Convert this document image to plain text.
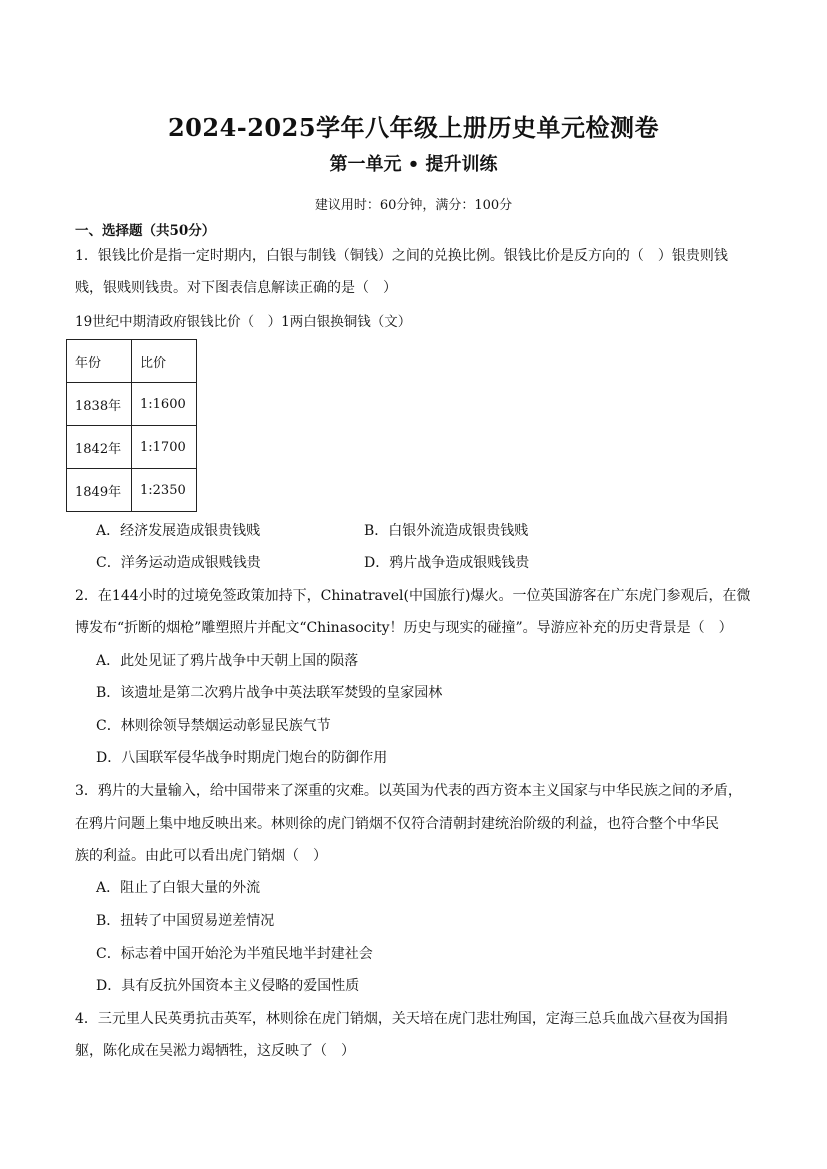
2024-2025学年八年级上册历史单元检测卷
第一单元 • 提升训练
建议用时：60分钟，满分：100分
一、选择题（共50分）
1．银钱比价是指一定时期内，白银与制钱（铜钱）之间的兑换比例。银钱比价是反方向的（　）银贵则钱
贱，银贱则钱贵。对下图表信息解读正确的是（　）
19世纪中期清政府银钱比价（　）1两白银换铜钱（文）
年份	比价
1838年	1:1600
1842年	1:1700
1849年	1:2350
A．经济发展造成银贵钱贱	B．白银外流造成银贵钱贱
C．洋务运动造成银贱钱贵	D．鸦片战争造成银贱钱贵
2．在144小时的过境免签政策加持下，Chinatravel(中国旅行)爆火。一位英国游客在广东虎门参观后，在微
博发布“折断的烟枪”雕塑照片并配文“Chinasocity！历史与现实的碰撞”。导游应补充的历史背景是（　）
A．此处见证了鸦片战争中天朝上国的陨落
B．该遗址是第二次鸦片战争中英法联军焚毁的皇家园林
C．林则徐领导禁烟运动彰显民族气节
D．八国联军侵华战争时期虎门炮台的防御作用
3．鸦片的大量输入，给中国带来了深重的灾难。以英国为代表的西方资本主义国家与中华民族之间的矛盾，
在鸦片问题上集中地反映出来。林则徐的虎门销烟不仅符合清朝封建统治阶级的利益，也符合整个中华民
族的利益。由此可以看出虎门销烟（　）
A．阻止了白银大量的外流
B．扭转了中国贸易逆差情况
C．标志着中国开始沦为半殖民地半封建社会
D．具有反抗外国资本主义侵略的爱国性质
4．三元里人民英勇抗击英军，林则徐在虎门销烟，关天培在虎门悲壮殉国，定海三总兵血战六昼夜为国捐
躯，陈化成在吴淞力竭牺牲，这反映了（　）
